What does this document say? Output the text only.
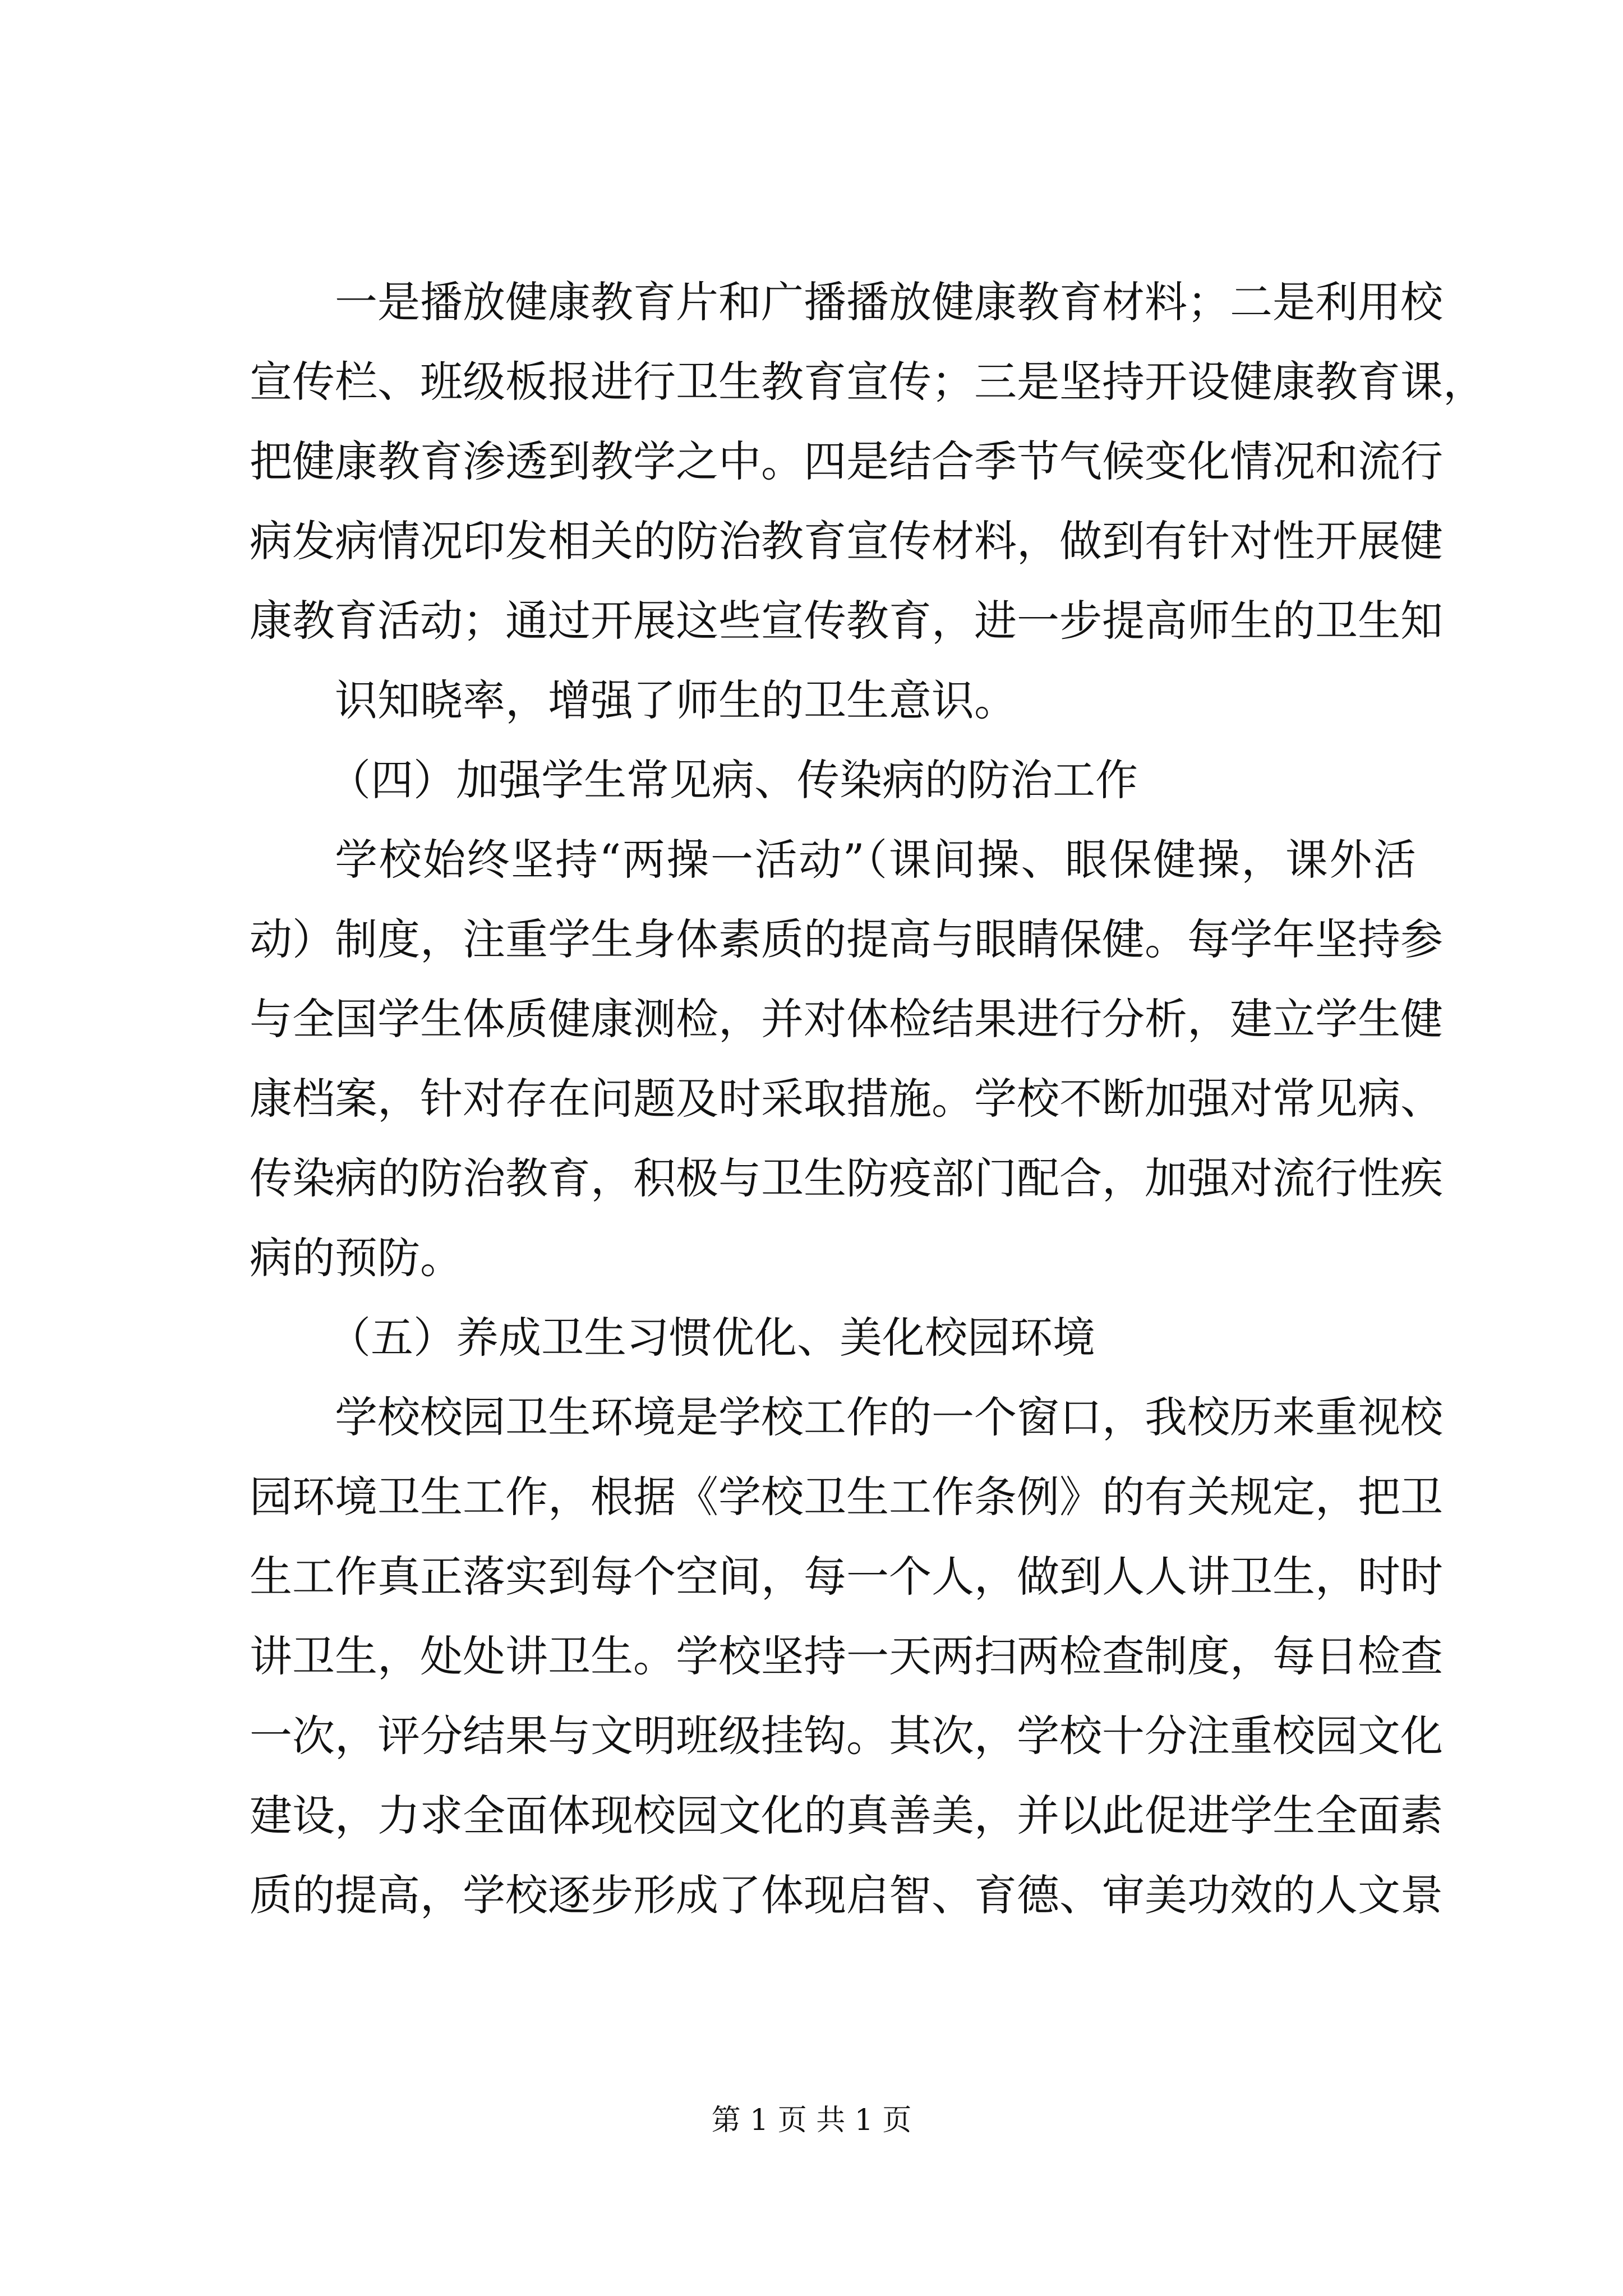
一是播放健康教育片和广播播放健康教育材料；二是利用校
宣传栏、班级板报进行卫生教育宣传；三是坚持开设健康教育课，
把健康教育渗透到教学之中。四是结合季节气候变化情况和流行
病发病情况印发相关的防治教育宣传材料，做到有针对性开展健
康教育活动；通过开展这些宣传教育，进一步提高师生的卫生知
识知晓率，增强了师生的卫生意识。
（四）加强学生常见病、传染病的防治工作
学校始终坚持“两操一活动”（课间操、眼保健操，课外活
动）制度，注重学生身体素质的提高与眼睛保健。每学年坚持参
与全国学生体质健康测检，并对体检结果进行分析，建立学生健
康档案，针对存在问题及时采取措施。学校不断加强对常见病、
传染病的防治教育，积极与卫生防疫部门配合，加强对流行性疾
病的预防。
（五）养成卫生习惯优化、美化校园环境
学校校园卫生环境是学校工作的一个窗口，我校历来重视校
园环境卫生工作，根据《学校卫生工作条例》的有关规定，把卫
生工作真正落实到每个空间，每一个人，做到人人讲卫生，时时
讲卫生，处处讲卫生。学校坚持一天两扫两检查制度，每日检查
一次，评分结果与文明班级挂钩。其次，学校十分注重校园文化
建设，力求全面体现校园文化的真善美，并以此促进学生全面素
质的提高，学校逐步形成了体现启智、育德、审美功效的人文景
第 1 页 共 1 页
